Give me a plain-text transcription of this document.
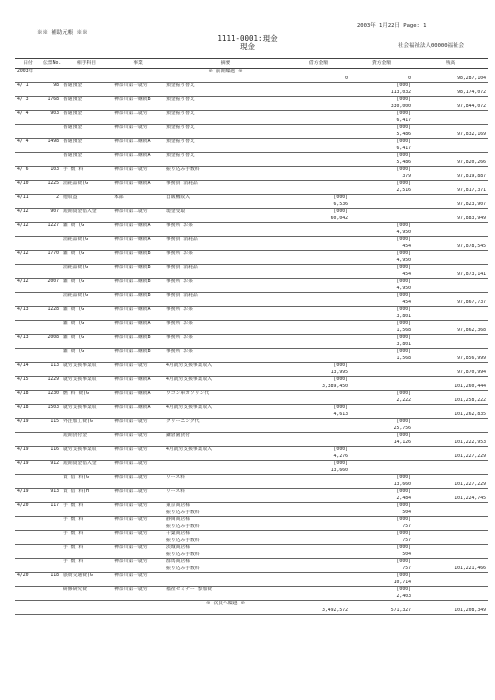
2003年 1月22日 Page: 1
※※ 補助元帳 ※※
1111-0001:現金
現金	社会福祉法人00000福祉会
日付	伝票No.	相手科目	事業	摘要	借方金額	貸方金額	残高
2003年				※ 前期繰越 ※			
					0	0	98,287,104
4/ 1	98	普通預金	神奈川第一就労	預金振り替え		[000]	
						113,032	98,174,072
4/ 3	1768	普通預金	神奈川第一継続B	預金振り替え		[000]	
						330,000	97,844,072
4/ 4	903	普通預金	神奈川第二就労	預金振り替え		[000]	
						6,417	
		普通預金	神奈川第一就労	預金振り替え		[000]	
						5,486	97,832,169
4/ 4	1498	普通預金	神奈川第二継続A	預金振り替え		[000]	
						6,417	
		普通預金	神奈川第二継続A	預金振り替え		[000]	
						5,486	97,820,266
4/ 6	103	手 数 料	神奈川第一就労	振り込み手数料		[000]	
						379	97,819,887
4/10	1225	消耗品費(G	神奈川第一継続A	事務員 消耗品		[000]	
						2,516	97,817,371
4/11	2	他収益	本部	自販機収入	[000]		
					6,536		97,823,907
4/12	907	短期資金借入金	神奈川第二就労	現金受取	[000]		
					60,042		97,883,949
4/12	1227	雑 費 (G	神奈川第一継続A	事務所 お茶		[000]	
						4,950	
		消耗品費(G	神奈川第一継続A	事務員 消耗品		[000]	
						454	97,878,545
4/12	1770	雑 費 (G	神奈川第一継続B	事務所 お茶		[000]	
						4,950	
		消耗品費(G	神奈川第一継続B	事務員 消耗品		[000]	
						454	97,873,141
4/12	2007	雑 費 (G	神奈川第二継続B	事務所 お茶		[000]	
						4,950	
		消耗品費(G	神奈川第二継続B	事務員 消耗品		[000]	
						454	97,867,737
4/13	1228	雑 費 (G	神奈川第一継続A	事務所 お茶		[000]	
						3,801	
		雑 費 (G	神奈川第一継続A	事務所 お茶		[000]	
						1,568	97,862,368
4/13	2008	雑 費 (G	神奈川第二継続B	事務所 お茶		[000]	
						3,801	
		雑 費 (G	神奈川第二継続B	事務所 お茶		[000]	
						1,568	97,856,999
4/14	113	就労支援事業収	神奈川第一就労	4月就労支援事業収入	[000]		
					13,995		97,870,994
4/15	1229	就労支援事業収	神奈川第一継続A	4月就労支援事業収入	[000]		
					3,389,450		101,260,444
4/18	1230	燃 料 費(G	神奈川第一継続A	ワゴン車ガソリン代		[000]	
						2,222	101,258,222
4/18	1503	就労支援事業収	神奈川第二継続A	4月就労支援事業収入	[000]		
					4,613		101,262,835
4/19	115	外注加工費(G	神奈川第一就労	クリーニング代		[000]	
						25,756	
		短期貸付金	神奈川第一就労	鎌倉園貸付		[000]	
						14,126	101,222,953
4/19	116	就労支援事業収	神奈川第一就労	4月就労支援事業収入	[000]		
					4,276		101,227,229
4/19	912	短期資金借入金	神奈川第二就労		[000]		
					13,660		
		賃 借 料(G	神奈川第二就労	リース料		[000]	
						13,660	101,227,229
4/19	913	賃 借 料(H	神奈川第二就労	リース料		[000]	
						2,484	101,224,745
4/20	117	手 数 料	神奈川第一就労	東京商店様		[000]	
				振り込み手数料		504	
		手 数 料	神奈川第一就労	静岡商店様		[000]	
				振り込み手数料		757	
		手 数 料	神奈川第一就労	千葉商店様		[000]	
				振り込み手数料		757	
		手 数 料	神奈川第一就労	茨城商店様		[000]	
				振り込み手数料		504	
		手 数 料	神奈川第一就労	群馬商店様		[000]	
				振り込み手数料		757	101,221,466
4/20	118	旅費交通費(G	神奈川第一就労			[000]	
						10,714	
		研修研究費	神奈川第一就労	福祉セミナー 参加費		[000]	
						2,403	
				※ 次頁へ繰越 ※			
					3,492,572	571,327	101,208,349
